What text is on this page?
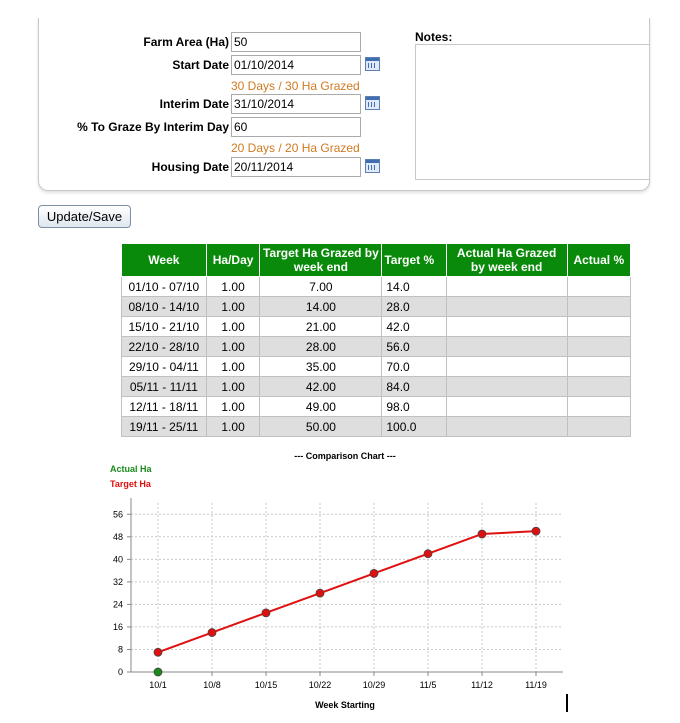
Farm Area (Ha)
50
Start Date
01/10/2014
30 Days / 30 Ha Grazed
Interim Date
31/10/2014
% To Graze By Interim Day
60
20 Days / 20 Ha Grazed
Housing Date
20/11/2014
Notes:
Update/Save
Week	Ha/Day	Target Ha Grazed by week end	Target %	Actual Ha Grazed by week end	Actual %
01/10 - 07/10	1.00	7.00	14.0		
08/10 - 14/10	1.00	14.00	28.0		
15/10 - 21/10	1.00	21.00	42.0		
22/10 - 28/10	1.00	28.00	56.0		
29/10 - 04/11	1.00	35.00	70.0		
05/11 - 11/11	1.00	42.00	84.0		
12/11 - 18/11	1.00	49.00	98.0		
19/11 - 25/11	1.00	50.00	100.0		
--- Comparison Chart ---
Actual Ha
Target Ha
0
8
16
24
32
40
48
56
10/1	10/8	10/15	10/22	10/29	11/5	11/12	11/19
Week Starting
